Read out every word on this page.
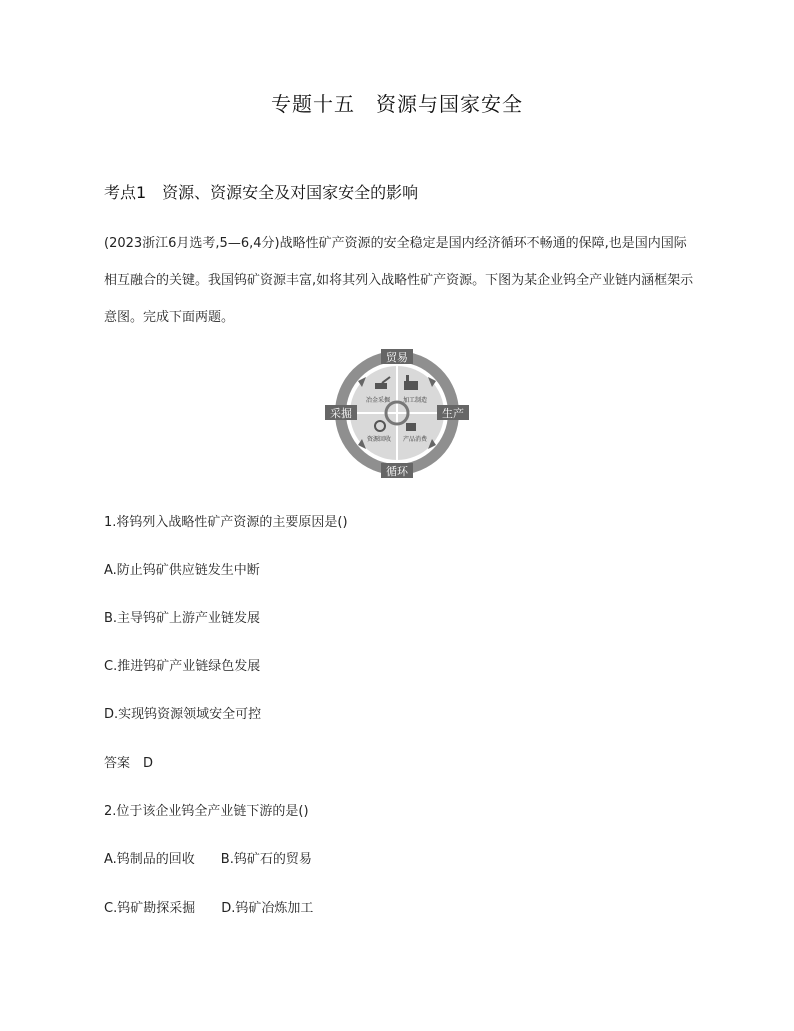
专题十五　资源与国家安全
考点1　资源、资源安全及对国家安全的影响
(2023浙江6月选考,5—6,4分)战略性矿产资源的安全稳定是国内经济循环不畅通的保障,也是国内国际相互融合的关键。我国钨矿资源丰富,如将其列入战略性矿产资源。下图为某企业钨全产业链内涵框架示意图。完成下面两题。
贸易
采掘	生产
循环
冶金采掘 加工制造
资源回收 产品消费
1.将钨列入战略性矿产资源的主要原因是()
A.防止钨矿供应链发生中断
B.主导钨矿上游产业链发展
C.推进钨矿产业链绿色发展
D.实现钨资源领域安全可控
答案　D
2.位于该企业钨全产业链下游的是()
A.钨制品的回收　　B.钨矿石的贸易
C.钨矿勘探采掘　　D.钨矿冶炼加工
